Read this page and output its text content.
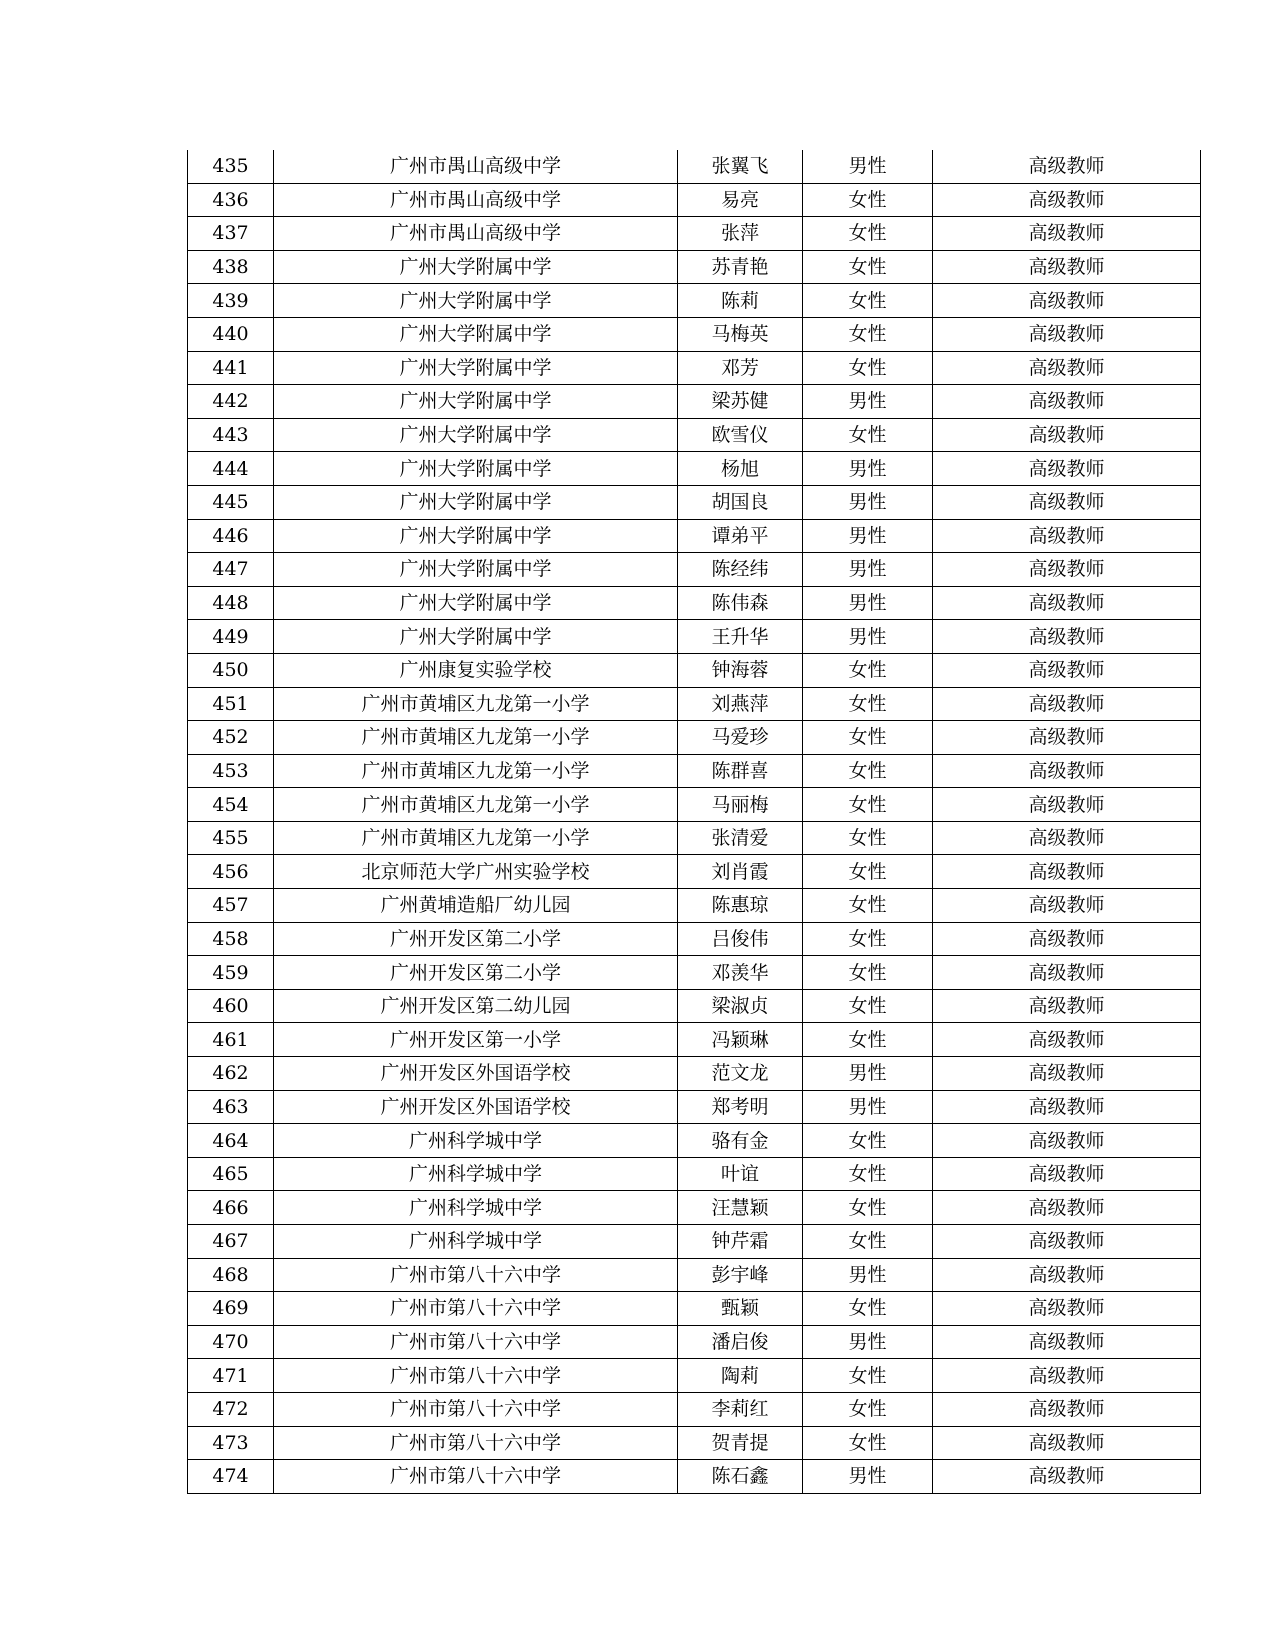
435	广州市禺山高级中学	张翼飞	男性	高级教师
436	广州市禺山高级中学	易亮	女性	高级教师
437	广州市禺山高级中学	张萍	女性	高级教师
438	广州大学附属中学	苏青艳	女性	高级教师
439	广州大学附属中学	陈莉	女性	高级教师
440	广州大学附属中学	马梅英	女性	高级教师
441	广州大学附属中学	邓芳	女性	高级教师
442	广州大学附属中学	梁苏健	男性	高级教师
443	广州大学附属中学	欧雪仪	女性	高级教师
444	广州大学附属中学	杨旭	男性	高级教师
445	广州大学附属中学	胡国良	男性	高级教师
446	广州大学附属中学	谭弟平	男性	高级教师
447	广州大学附属中学	陈经纬	男性	高级教师
448	广州大学附属中学	陈伟森	男性	高级教师
449	广州大学附属中学	王升华	男性	高级教师
450	广州康复实验学校	钟海蓉	女性	高级教师
451	广州市黄埔区九龙第一小学	刘燕萍	女性	高级教师
452	广州市黄埔区九龙第一小学	马爱珍	女性	高级教师
453	广州市黄埔区九龙第一小学	陈群喜	女性	高级教师
454	广州市黄埔区九龙第一小学	马丽梅	女性	高级教师
455	广州市黄埔区九龙第一小学	张清爱	女性	高级教师
456	北京师范大学广州实验学校	刘肖霞	女性	高级教师
457	广州黄埔造船厂幼儿园	陈惠琼	女性	高级教师
458	广州开发区第二小学	吕俊伟	女性	高级教师
459	广州开发区第二小学	邓羡华	女性	高级教师
460	广州开发区第二幼儿园	梁淑贞	女性	高级教师
461	广州开发区第一小学	冯颖琳	女性	高级教师
462	广州开发区外国语学校	范文龙	男性	高级教师
463	广州开发区外国语学校	郑考明	男性	高级教师
464	广州科学城中学	骆有金	女性	高级教师
465	广州科学城中学	叶谊	女性	高级教师
466	广州科学城中学	汪慧颖	女性	高级教师
467	广州科学城中学	钟芹霜	女性	高级教师
468	广州市第八十六中学	彭宇峰	男性	高级教师
469	广州市第八十六中学	甄颖	女性	高级教师
470	广州市第八十六中学	潘启俊	男性	高级教师
471	广州市第八十六中学	陶莉	女性	高级教师
472	广州市第八十六中学	李莉红	女性	高级教师
473	广州市第八十六中学	贺青提	女性	高级教师
474	广州市第八十六中学	陈石鑫	男性	高级教师
